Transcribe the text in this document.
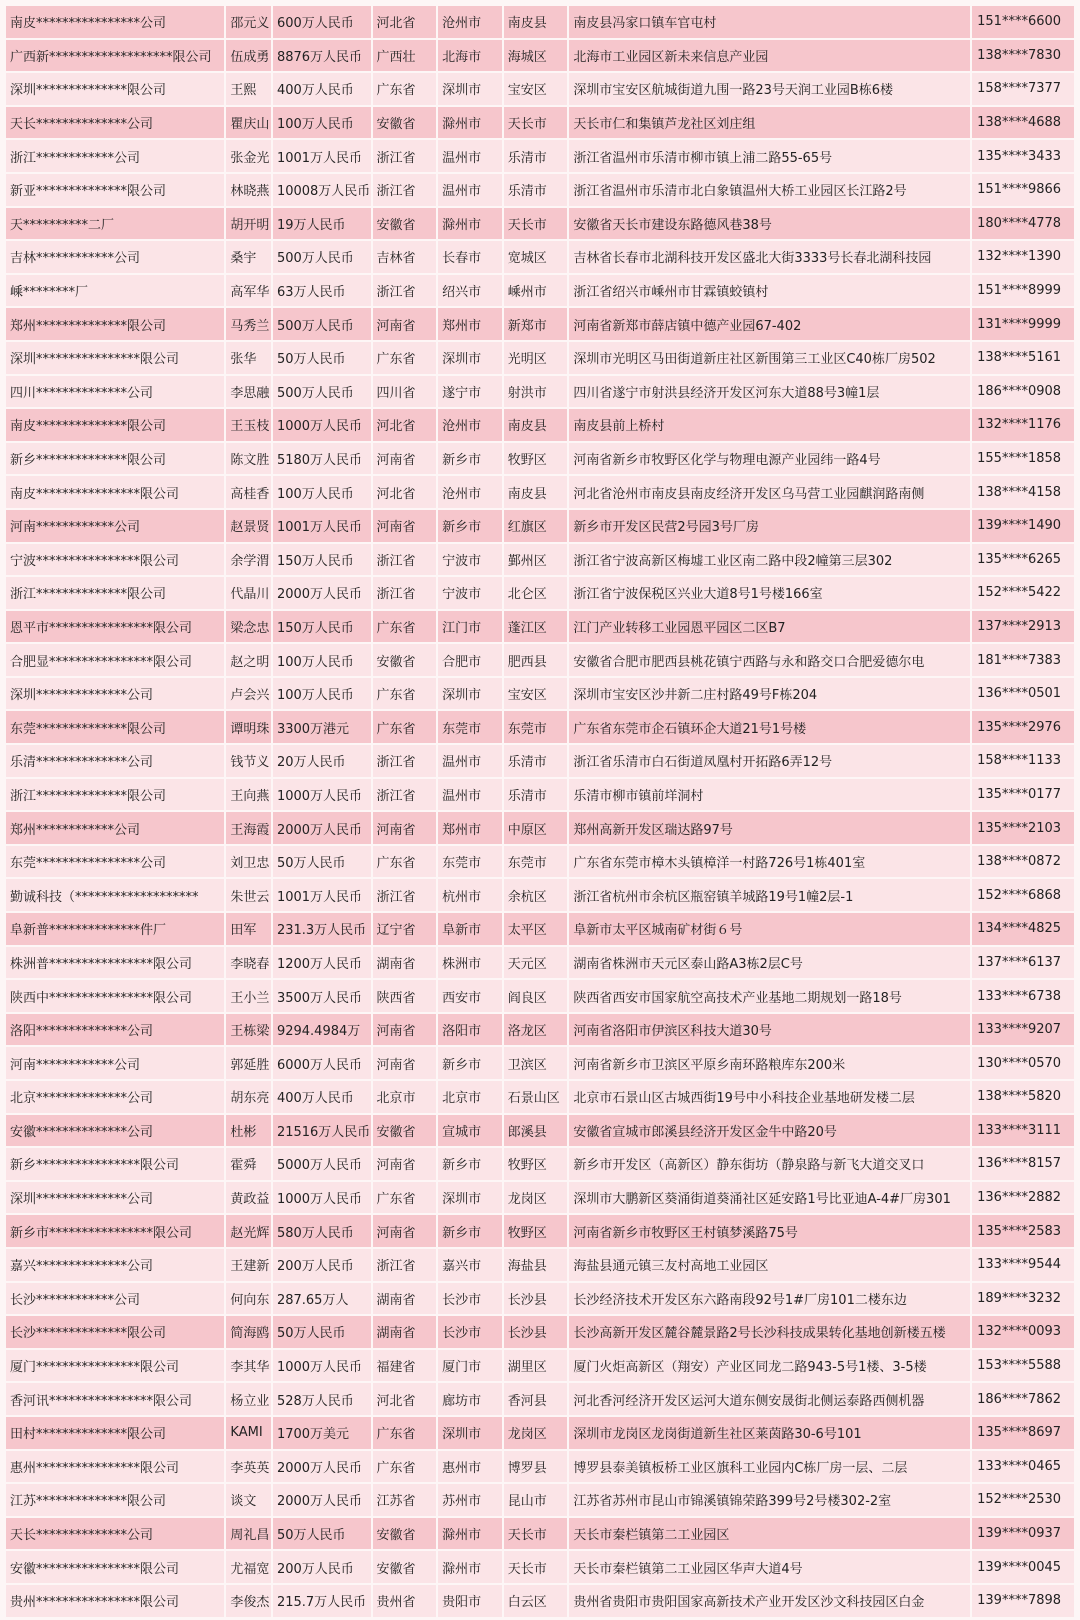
南皮****************公司	邵元义	600万人民币	河北省	沧州市	南皮县	南皮县冯家口镇车官屯村	151****6600
广西新*******************限公司	伍成勇	8876万人民币	广西壮	北海市	海城区	北海市工业园区新未来信息产业园	138****7830
深圳**************限公司	王熙	400万人民币	广东省	深圳市	宝安区	深圳市宝安区航城街道九围一路23号天润工业园B栋6楼	158****7377
天长**************公司	瞿庆山	100万人民币	安徽省	滁州市	天长市	天长市仁和集镇芦龙社区刘庄组	138****4688
浙江************公司	张金光	1001万人民币	浙江省	温州市	乐清市	浙江省温州市乐清市柳市镇上浦二路55-65号	135****3433
新亚**************限公司	林晓燕	10008万人民币	浙江省	温州市	乐清市	浙江省温州市乐清市北白象镇温州大桥工业园区长江路2号	151****9866
天**********二厂	胡开明	19万人民币	安徽省	滁州市	天长市	安徽省天长市建设东路德风巷38号	180****4778
吉林************公司	桑宇	500万人民币	吉林省	长春市	宽城区	吉林省长春市北湖科技开发区盛北大街3333号长春北湖科技园	132****1390
嵊********厂	高军华	63万人民币	浙江省	绍兴市	嵊州市	浙江省绍兴市嵊州市甘霖镇蛟镇村	151****8999
郑州**************限公司	马秀兰	500万人民币	河南省	郑州市	新郑市	河南省新郑市薛店镇中德产业园67-402	131****9999
深圳****************限公司	张华	50万人民币	广东省	深圳市	光明区	深圳市光明区马田街道新庄社区新围第三工业区C40栋厂房502	138****5161
四川**************公司	李思融	500万人民币	四川省	遂宁市	射洪市	四川省遂宁市射洪县经济开发区河东大道88号3幢1层	186****0908
南皮**************限公司	王玉枝	1000万人民币	河北省	沧州市	南皮县	南皮县前上桥村	132****1176
新乡**************限公司	陈文胜	5180万人民币	河南省	新乡市	牧野区	河南省新乡市牧野区化学与物理电源产业园纬一路4号	155****1858
南皮****************限公司	高桂香	100万人民币	河北省	沧州市	南皮县	河北省沧州市南皮县南皮经济开发区乌马营工业园麒润路南侧	138****4158
河南************公司	赵景贤	1001万人民币	河南省	新乡市	红旗区	新乡市开发区民营2号园3号厂房	139****1490
宁波****************限公司	余学渭	150万人民币	浙江省	宁波市	鄞州区	浙江省宁波高新区梅墟工业区南二路中段2幢第三层302	135****6265
浙江**************限公司	代晶川	2000万人民币	浙江省	宁波市	北仑区	浙江省宁波保税区兴业大道8号1号楼166室	152****5422
恩平市****************限公司	梁念忠	150万人民币	广东省	江门市	蓬江区	江门产业转移工业园恩平园区二区B7	137****2913
合肥显****************限公司	赵之明	100万人民币	安徽省	合肥市	肥西县	安徽省合肥市肥西县桃花镇宁西路与永和路交口合肥爱德尔电	181****7383
深圳**************公司	卢会兴	100万人民币	广东省	深圳市	宝安区	深圳市宝安区沙井新二庄村路49号F栋204	136****0501
东莞**************限公司	谭明珠	3300万港元	广东省	东莞市	东莞市	广东省东莞市企石镇环企大道21号1号楼	135****2976
乐清**************公司	钱节义	20万人民币	浙江省	温州市	乐清市	浙江省乐清市白石街道凤凰村开拓路6弄12号	158****1133
浙江**************限公司	王向燕	1000万人民币	浙江省	温州市	乐清市	乐清市柳市镇前垟洞村	135****0177
郑州************公司	王海霞	2000万人民币	河南省	郑州市	中原区	郑州高新开发区瑞达路97号	135****2103
东莞****************公司	刘卫忠	50万人民币	广东省	东莞市	东莞市	广东省东莞市樟木头镇樟洋一村路726号1栋401室	138****0872
勤诚科技（*******************	朱世云	1001万人民币	浙江省	杭州市	余杭区	浙江省杭州市余杭区瓶窑镇羊城路19号1幢2层-1	152****6868
阜新普**************件厂	田军	231.3万人民币	辽宁省	阜新市	太平区	阜新市太平区城南矿材街６号	134****4825
株洲普****************限公司	李晓春	1200万人民币	湖南省	株洲市	天元区	湖南省株洲市天元区泰山路A3栋2层C号	137****6137
陕西中****************限公司	王小兰	3500万人民币	陕西省	西安市	阎良区	陕西省西安市国家航空高技术产业基地二期规划一路18号	133****6738
洛阳**************公司	王栋梁	9294.4984万	河南省	洛阳市	洛龙区	河南省洛阳市伊滨区科技大道30号	133****9207
河南************公司	郭延胜	6000万人民币	河南省	新乡市	卫滨区	河南省新乡市卫滨区平原乡南环路粮库东200米	130****0570
北京**************公司	胡东亮	400万人民币	北京市	北京市	石景山区	北京市石景山区古城西街19号中小科技企业基地研发楼二层	138****5820
安徽**************公司	杜彬	21516万人民币	安徽省	宣城市	郎溪县	安徽省宣城市郎溪县经济开发区金牛中路20号	133****3111
新乡****************限公司	霍舜	5000万人民币	河南省	新乡市	牧野区	新乡市开发区（高新区）静东街坊（静泉路与新飞大道交叉口	136****8157
深圳**************公司	黄政益	1000万人民币	广东省	深圳市	龙岗区	深圳市大鹏新区葵涌街道葵涌社区延安路1号比亚迪A-4#厂房301	136****2882
新乡市****************限公司	赵光辉	580万人民币	河南省	新乡市	牧野区	河南省新乡市牧野区王村镇梦溪路75号	135****2583
嘉兴**************公司	王建新	200万人民币	浙江省	嘉兴市	海盐县	海盐县通元镇三友村高地工业园区	133****9544
长沙************公司	何向东	287.65万人	湖南省	长沙市	长沙县	长沙经济技术开发区东六路南段92号1#厂房101二楼东边	189****3232
长沙**************限公司	简海鸥	50万人民币	湖南省	长沙市	长沙县	长沙高新开发区麓谷麓景路2号长沙科技成果转化基地创新楼五楼	132****0093
厦门****************限公司	李其华	1000万人民币	福建省	厦门市	湖里区	厦门火炬高新区（翔安）产业区同龙二路943-5号1楼、3-5楼	153****5588
香河讯****************限公司	杨立业	528万人民币	河北省	廊坊市	香河县	河北香河经济开发区运河大道东侧安晟街北侧运泰路西侧机器	186****7862
田村**************限公司	KAMI	1700万美元	广东省	深圳市	龙岗区	深圳市龙岗区龙岗街道新生社区莱茵路30-6号101	135****8697
惠州****************限公司	李英英	2000万人民币	广东省	惠州市	博罗县	博罗县泰美镇板桥工业区旗科工业园内C栋厂房一层、二层	133****0465
江苏**************限公司	谈文	2000万人民币	江苏省	苏州市	昆山市	江苏省苏州市昆山市锦溪镇锦荣路399号2号楼302-2室	152****2530
天长**************公司	周礼昌	50万人民币	安徽省	滁州市	天长市	天长市秦栏镇第二工业园区	139****0937
安徽****************限公司	尤福宽	200万人民币	安徽省	滁州市	天长市	天长市秦栏镇第二工业园区华声大道4号	139****0045
贵州****************限公司	李俊杰	215.7万人民币	贵州省	贵阳市	白云区	贵州省贵阳市贵阳国家高新技术产业开发区沙文科技园区白金	139****7898
